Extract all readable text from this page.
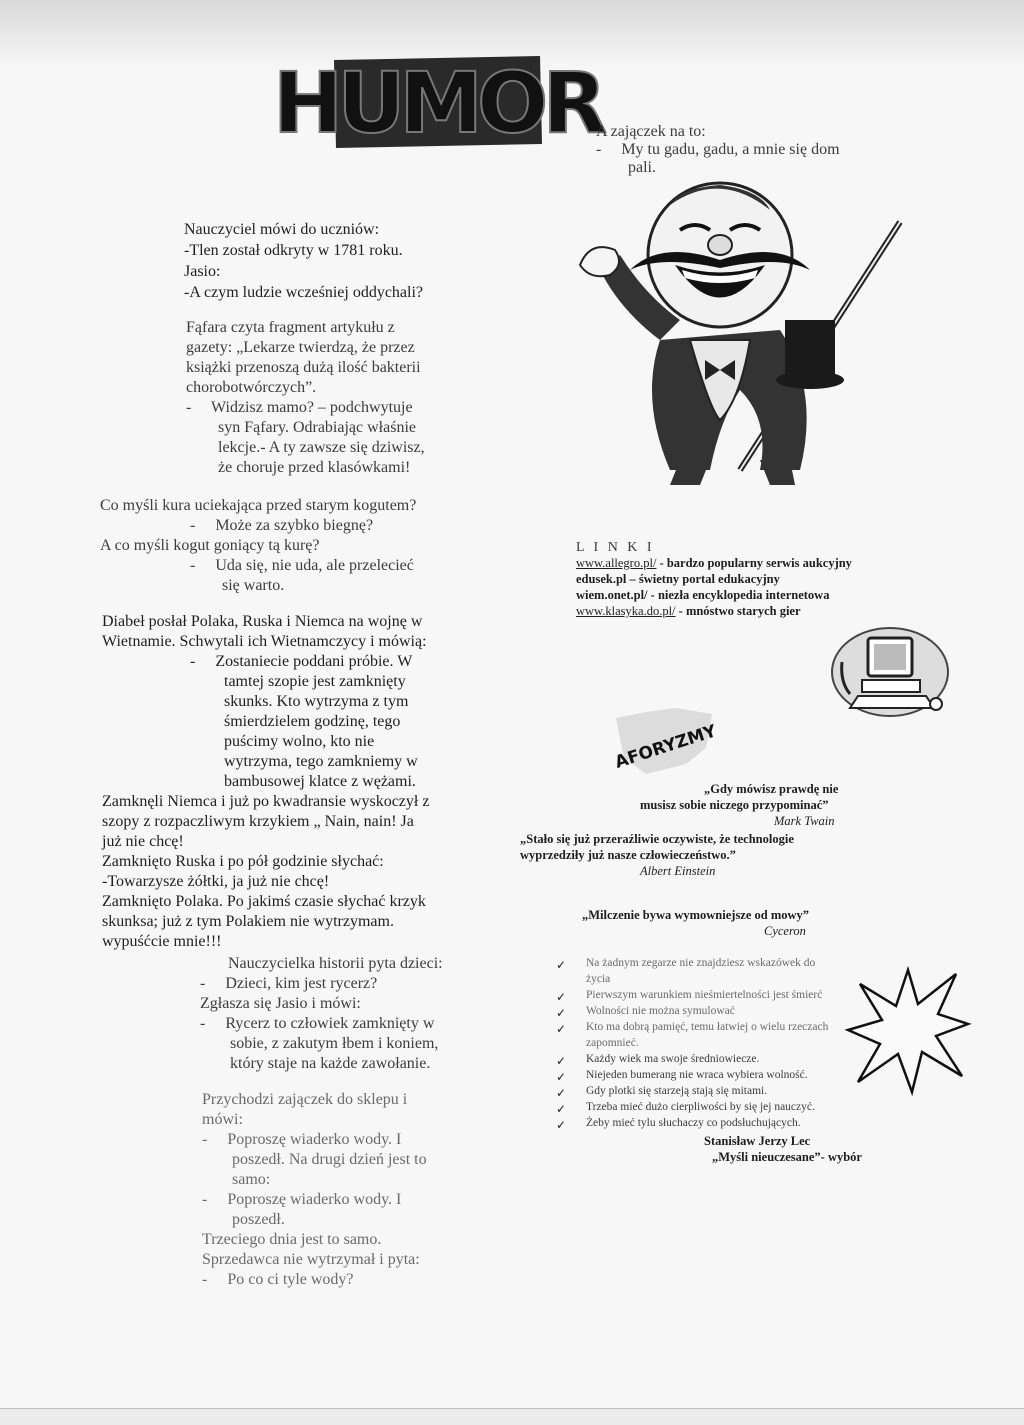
HUMOR
Nauczyciel mówi do uczniów:
-Tlen został odkryty w 1781 roku.
Jasio:
-A czym ludzie wcześniej oddychali?
Fąfara czyta fragment artykułu z
gazety: „Lekarze twierdzą, że przez
książki przenoszą dużą ilość bakterii
chorobotwórczych”.
-     Widzisz mamo? – podchwytuje
syn Fąfary. Odrabiając właśnie
lekcje.- A ty zawsze się dziwisz,
że choruje przed klasówkami!
Co myśli kura uciekająca przed starym kogutem?
-     Może za szybko biegnę?
A co myśli kogut goniący tą kurę?
-     Uda się, nie uda, ale przelecieć
się warto.
Diabeł posłał Polaka, Ruska i Niemca na wojnę w
Wietnamie. Schwytali ich Wietnamczycy i mówią:
-     Zostaniecie poddani próbie. W
tamtej szopie jest zamknięty
skunks. Kto wytrzyma z tym
śmierdzielem godzinę, tego
puścimy wolno, kto nie
wytrzyma, tego zamkniemy w
bambusowej klatce z wężami.
Zamknęli Niemca i już po kwadransie wyskoczył z
szopy z rozpaczliwym krzykiem „ Nain, nain! Ja
już nie chcę!
Zamknięto Ruska i po pół godzinie słychać:
-Towarzysze żółtki, ja już nie chcę!
Zamknięto Polaka. Po jakimś czasie słychać krzyk
skunksa; już z tym Polakiem nie wytrzymam.
wypuśćcie mnie!!!
Nauczycielka historii pyta dzieci:
-     Dzieci, kim jest rycerz?
Zgłasza się Jasio i mówi:
-     Rycerz to człowiek zamknięty w
sobie, z zakutym łbem i koniem,
który staje na każde zawołanie.
Przychodzi zajączek do sklepu i
mówi:
-     Poproszę wiaderko wody. I
poszedł. Na drugi dzień jest to
samo:
-     Poproszę wiaderko wody. I
poszedł.
Trzeciego dnia jest to samo.
Sprzedawca nie wytrzymał i pyta:
-     Po co ci tyle wody?
A zajączek na to:
-     My tu gadu, gadu, a mnie się dom
pali.
L I N K I
www.allegro.pl/ - bardzo popularny serwis aukcyjny
edusek.pl – świetny portal edukacyjny
wiem.onet.pl/ - niezła encyklopedia internetowa
www.klasyka.do.pl/ - mnóstwo starych gier
AFORYZMY
„Gdy mówisz prawdę nie
musisz sobie niczego przypominać”
Mark Twain
„Stało się już przeraźliwie oczywiste, że technologie
wyprzedziły już nasze człowieczeństwo.”
Albert Einstein
„Milczenie bywa wymowniejsze od mowy”
Cyceron
✓ Na żadnym zegarze nie znajdziesz wskazówek do
życia
✓ Pierwszym warunkiem nieśmiertelności jest śmierć
✓ Wolności nie można symulować
✓ Kto ma dobrą pamięć, temu łatwiej o wielu rzeczach
zapomnieć.
✓ Każdy wiek ma swoje średniowiecze.
✓ Niejeden bumerang nie wraca wybiera wolność.
✓ Gdy plotki się starzeją stają się mitami.
✓ Trzeba mieć dużo cierpliwości by się jej nauczyć.
✓ Żeby mieć tylu słuchaczy co podsłuchujących.
Stanisław Jerzy Lec
„Myśli nieuczesane”- wybór
